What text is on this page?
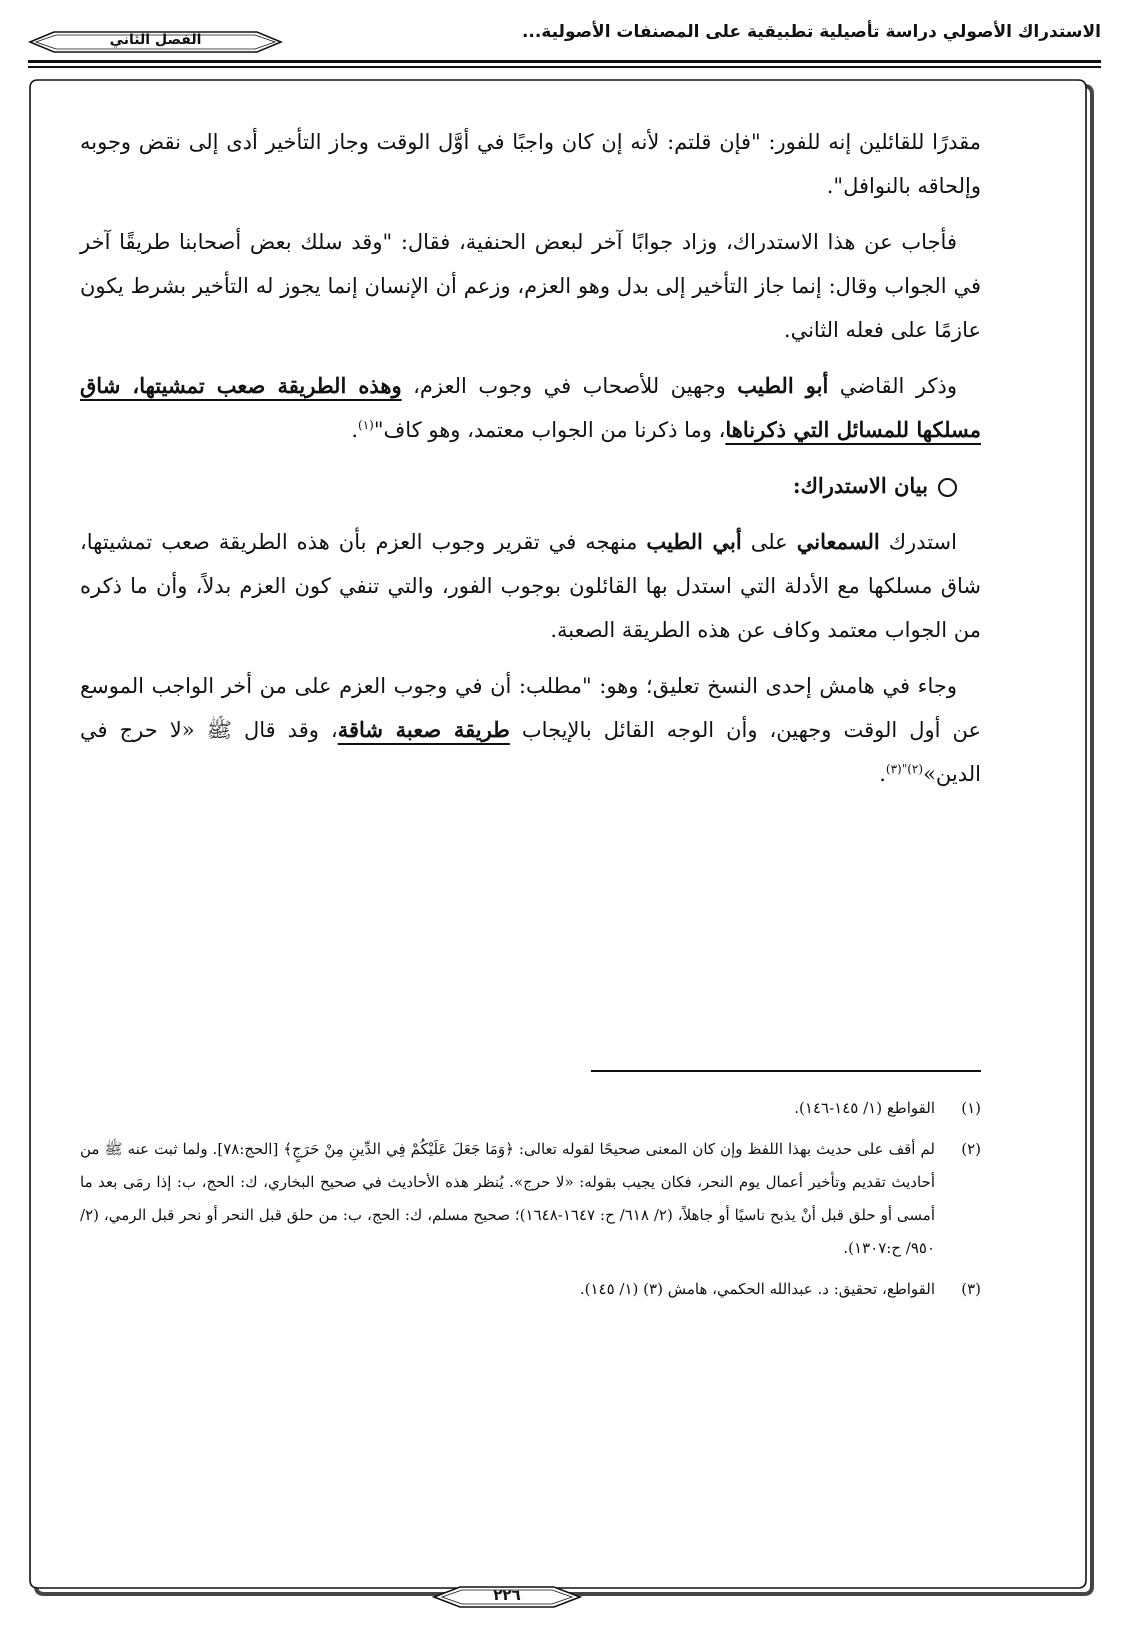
الاستدراك الأصولي دراسة تأصيلية تطبيقية على المصنفات الأصولية...
الفصل الثاني

مقدرًا للقائلين إنه للفور: "فإن قلتم: لأنه إن كان واجبًا في أوَّل الوقت وجاز التأخير أدى إلى نقض وجوبه وإلحاقه بالنوافل".

فأجاب عن هذا الاستدراك، وزاد جوابًا آخر لبعض الحنفية، فقال: "وقد سلك بعض أصحابنا طريقًا آخر في الجواب وقال: إنما جاز التأخير إلى بدل وهو العزم، وزعم أن الإنسان إنما يجوز له التأخير بشرط يكون عازمًا على فعله الثاني.

وذكر القاضي أبو الطيب وجهين للأصحاب في وجوب العزم، وهذه الطريقة صعب تمشيتها، شاق مسلكها للمسائل التي ذكرناها، وما ذكرنا من الجواب معتمد، وهو كاف"$^{(١)}$.

بيان الاستدراك:

استدرك السمعاني على أبي الطيب منهجه في تقرير وجوب العزم بأن هذه الطريقة صعب تمشيتها، شاق مسلكها مع الأدلة التي استدل بها القائلون بوجوب الفور، والتي تنفي كون العزم بدلاً، وأن ما ذكره من الجواب معتمد وكاف عن هذه الطريقة الصعبة.

وجاء في هامش إحدى النسخ تعليق؛ وهو: "مطلب: أن في وجوب العزم على من أخر الواجب الموسع عن أول الوقت وجهين، وأن الوجه القائل بالإيجاب طريقة صعبة شاقة، وقد قال ﷺ «لا حرج في الدين»$^{(٢)"(٣)}$.

(١)
القواطع (١/ ١٤٥-١٤٦).
(٢)
لم أقف على حديث بهذا اللفظ وإن كان المعنى صحيحًا لقوله تعالى: ﴿وَمَا جَعَلَ عَلَيْكُمْ فِي الدِّينِ مِنْ حَرَجٍ﴾ [الحج:٧٨]. ولما ثبت عنه ﷺ من أحاديث تقديم وتأخير أعمال يوم النحر، فكان يجيب بقوله: «لا حرج». يُنظر هذه الأحاديث في صحيح البخاري، ك: الحج، ب: إذا رمَى بعد ما أمسى أو حلق قبل أنْ يذبح ناسيًا أو جاهلاً، (٢/ ٦١٨/ ح: ١٦٤٧-١٦٤٨)؛ صحيح مسلم، ك: الحج، ب: من حلق قبل النحر أو نحر قبل الرمي، (٢/ ٩٥٠/ ح:١٣٠٧).
(٣)
القواطع، تحقيق: د. عبدالله الحكمي، هامش (٣) (١/ ١٤٥).
٢٢٦
